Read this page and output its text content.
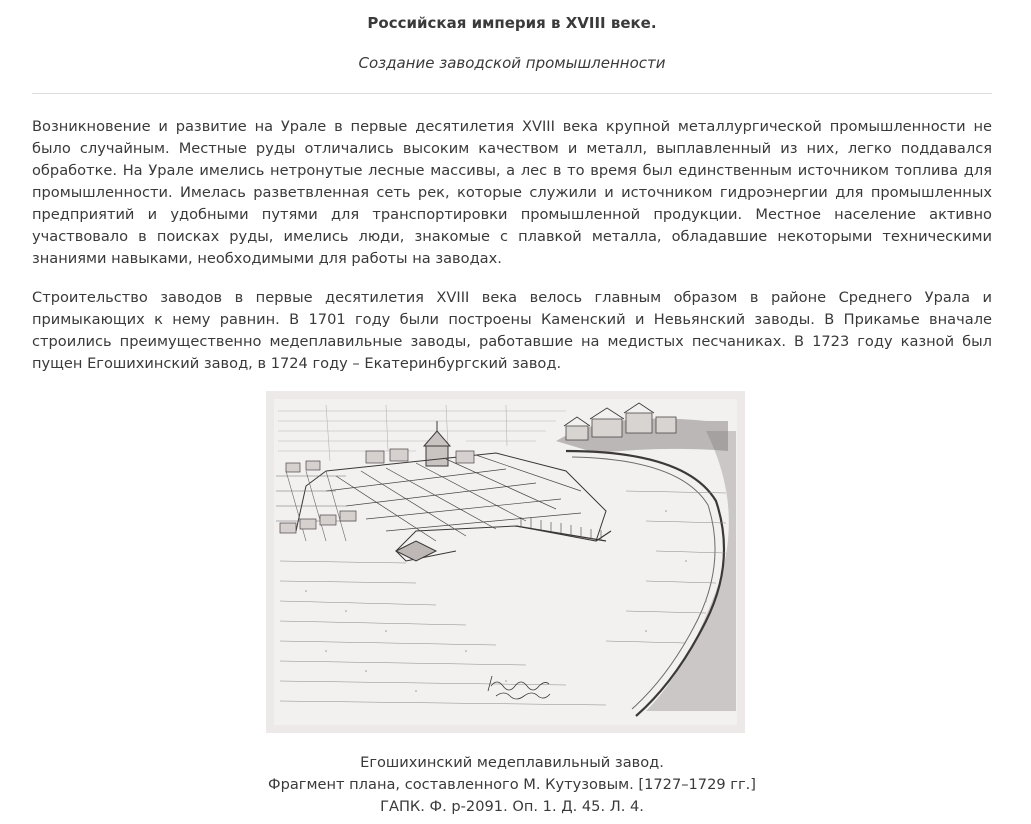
Российская империя в XVIII веке.
Создание заводской промышленности

Возникновение и развитие на Урале в первые десятилетия XVIII века крупной металлургической промышленности не было случайным. Местные руды отличались высоким качеством и металл, выплавленный из них, легко поддавался обработке. На Урале имелись нетронутые лесные массивы, а лес в то время был единственным источником топлива для промышленности. Имелась разветвленная сеть рек, которые служили и источником гидроэнергии для промышленных предприятий и удобными путями для транспортировки промышленной продукции. Местное население активно участвовало в поисках руды, имелись люди, знакомые с плавкой металла, обладавшие некоторыми техническими знаниями навыками, необходимыми для работы на заводах.

Строительство заводов в первые десятилетия XVIII века велось главным образом в районе Среднего Урала и примыкающих к нему равнин. В 1701 году были построены Каменский и Невьянский заводы. В Прикамье вначале строились преимущественно медеплавильные заводы, работавшие на медистых песчаниках. В 1723 году казной был пущен Егошихинский завод, в 1724 году – Екатеринбургский завод.

Егошихинский медеплавильный завод.
Фрагмент плана, составленного М. Кутузовым. [1727–1729 гг.]
ГАПК. Ф. р-2091. Оп. 1. Д. 45. Л. 4.
